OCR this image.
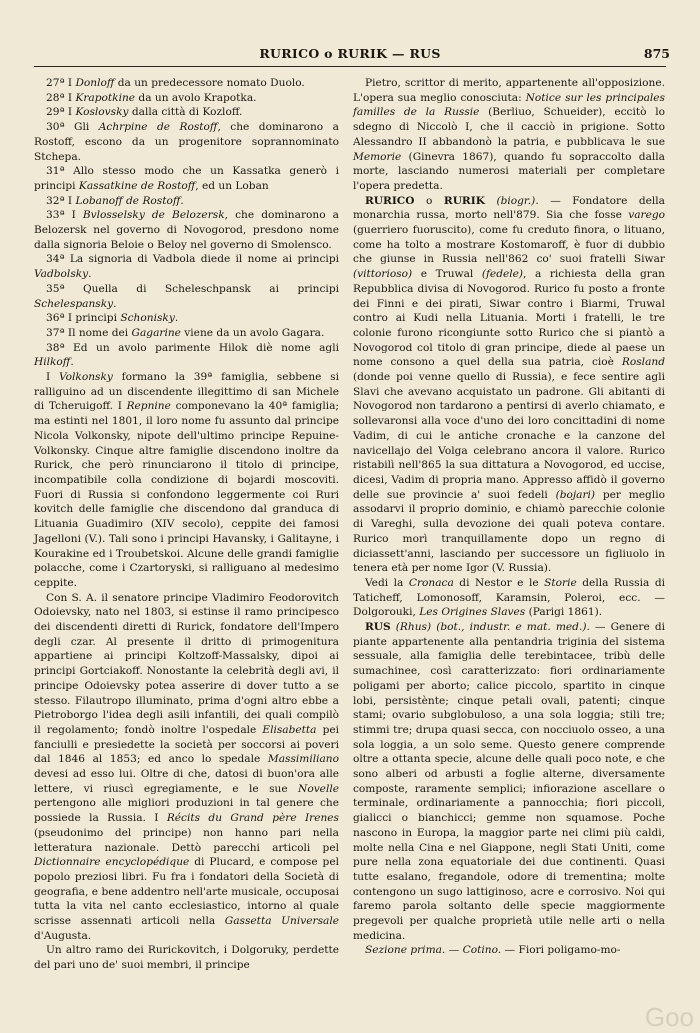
RURICO o RURIK — RUS	875

27ª I Donloff da un predecessore nomato Duolo.

28ª I Krapotkine da un avolo Krapotka.

29ª I Koslovsky dalla città di Kozloff.

30ª Gli Achrpine de Rostoff, che dominarono a Rostoff, escono da un progenitore soprannominato Stchepa.

31ª Allo stesso modo che un Kassatka generò i principi Kassatkine de Rostoff, ed un Loban

32ª I Lobanoff de Rostoff.

33ª I Bvlosselsky de Belozersk, che dominarono a Belozersk nel governo di Novogorod, presdono nome dalla signoria Beloie o Beloy nel governo di Smolensco.

34ª La signoria di Vadbola diede il nome ai principi Vadbolsky.

35ª Quella di Scheleschpansk ai principi Schelespansky.

36ª I principi Schonisky.

37ª Il nome dei Gagarine viene da un avolo Gagara.

38ª Ed un avolo parimente Hilok diè nome agli Hilkoff.

I Volkonsky formano la 39ª famiglia, sebbene si ralliguino ad un discendente illegittimo di san Michele di Tcheruigoff. I Repnine componevano la 40ª famiglia; ma estinti nel 1801, il loro nome fu assunto dal principe Nicola Volkonsky, nipote dell'ultimo principe Repuine-Volkonsky. Cinque altre famiglie discendono inoltre da Rurick, che però rinunciarono il titolo di principe, incompatibile colla condizione di bojardi moscoviti. Fuori di Russia si confondono leggermente coi Ruri kovitch delle famiglie che discendono dal granduca di Lituania Guadimiro (XIV secolo), ceppite dei famosi Jagelloni (V.). Tali sono i principi Havansky, i Galitayne, i Kourakine ed i Troubetskoi. Alcune delle grandi famiglie polacche, come i Czartoryski, si ralliguano al medesimo ceppite.

Con S. A. il senatore principe Vladimiro Feodorovitch Odoievsky, nato nel 1803, si estinse il ramo principesco dei discendenti diretti di Rurick, fondatore dell'Impero degli czar. Al presente il dritto di primogenitura appartiene ai principi Koltzoff-Massalsky, dipoi ai principi Gortciakoff. Nonostante la celebrità degli avi, il principe Odoievsky potea asserire di dover tutto a se stesso. Filautropo illuminato, prima d'ogni altro ebbe a Pietroborgo l'idea degli asili infantili, dei quali compilò il regolamento; fondò inoltre l'ospedale Elisabetta pei fanciulli e presiedette la società per soccorsi ai poveri dal 1846 al 1853; ed anco lo spedale Massimiliano devesi ad esso lui. Oltre di che, datosi di buon'ora alle lettere, vi riuscì egregiamente, e le sue Novelle pertengono alle migliori produzioni in tal genere che possiede la Russia. I Récits du Grand père Irenes (pseudonimo del principe) non hanno pari nella letteratura nazionale. Dettò parecchi articoli pel Dictionnaire encyclopédique di Plucard, e compose pel popolo preziosi libri. Fu fra i fondatori della Società di geografia, e bene addentro nell'arte musicale, occuposai tutta la vita nel canto ecclesiastico, intorno al quale scrisse assennati articoli nella Gassetta Universale d'Augusta.

Un altro ramo dei Rurickovitch, i Dolgoruky, perdette del pari uno de' suoi membri, il principe

Pietro, scrittor di merito, appartenente all'opposizione. L'opera sua meglio conosciuta: Notice sur les principales familles de la Russie (Berliuo, Schueider), eccitò lo sdegno di Niccolò I, che il cacciò in prigione. Sotto Alessandro II abbandonò la patria, e pubblicava le sue Memorie (Ginevra 1867), quando fu sopraccolto dalla morte, lasciando numerosi materiali per completare l'opera predetta.

RURICO o RURIK (biogr.). — Fondatore della monarchia russa, morto nell'879. Sia che fosse varego (guerriero fuoruscito), come fu creduto finora, o lituano, come ha tolto a mostrare Kostomaroff, è fuor di dubbio che giunse in Russia nell'862 co' suoi fratelli Siwar (vittorioso) e Truwal (fedele), a richiesta della gran Repubblica divisa di Novogorod. Rurico fu posto a fronte dei Finni e dei pirati, Siwar contro i Biarmi, Truwal contro ai Kudi nella Lituania. Morti i fratelli, le tre colonie furono ricongiunte sotto Rurico che si piantò a Novogorod col titolo di gran principe, diede al paese un nome consono a quel della sua patria, cioè Rosland (donde poi venne quello di Russia), e fece sentire agli Slavi che avevano acquistato un padrone. Gli abitanti di Novogorod non tardarono a pentirsi di averlo chiamato, e sollevaronsi alla voce d'uno dei loro concittadini di nome Vadim, di cui le antiche cronache e la canzone del navicellajo del Volga celebrano ancora il valore. Rurico ristabilì nell'865 la sua dittatura a Novogorod, ed uccise, dicesi, Vadim di propria mano. Appresso affidò il governo delle sue provincie a' suoi fedeli (bojari) per meglio assodarvi il proprio dominio, e chiamò parecchie colonie di Vareghi, sulla devozione dei quali poteva contare. Rurico morì tranquillamente dopo un regno di diciassett'anni, lasciando per successore un figliuolo in tenera età per nome Igor (V. Russia).

Vedi la Cronaca di Nestor e le Storie della Russia di Taticheff, Lomonosoff, Karamsin, Poleroi, ecc. — Dolgorouki, Les Origines Slaves (Parigi 1861).

RUS (Rhus) (bot., industr. e mat. med.). — Genere di piante appartenente alla pentandria triginia del sistema sessuale, alla famiglia delle terebintacee, tribù delle sumachinee, così caratterizzato: fiori ordinariamente poligami per aborto; calice piccolo, spartito in cinque lobi, persistènte; cinque petali ovali, patenti; cinque stami; ovario subglobuloso, a una sola loggia; stili tre; stimmi tre; drupa quasi secca, con nocciuolo osseo, a una sola loggia, a un solo seme. Questo genere comprende oltre a ottanta specie, alcune delle quali poco note, e che sono alberi od arbusti a foglie alterne, diversamente composte, raramente semplici; infiorazione ascellare o terminale, ordinariamente a pannocchia; fiori piccoli, gialicci o bianchicci; gemme non squamose. Poche nascono in Europa, la maggior parte nei climi più caldi, molte nella Cina e nel Giappone, negli Stati Uniti, come pure nella zona equatoriale dei due continenti. Quasi tutte esalano, fregandole, odore di trementina; molte contengono un sugo lattiginoso, acre e corrosivo. Noi qui faremo parola soltanto delle specie maggiormente pregevoli per qualche proprietà utile nelle arti o nella medicina.

Sezione prima. — Cotino. — Fiori poligamo-mo-

Goo
